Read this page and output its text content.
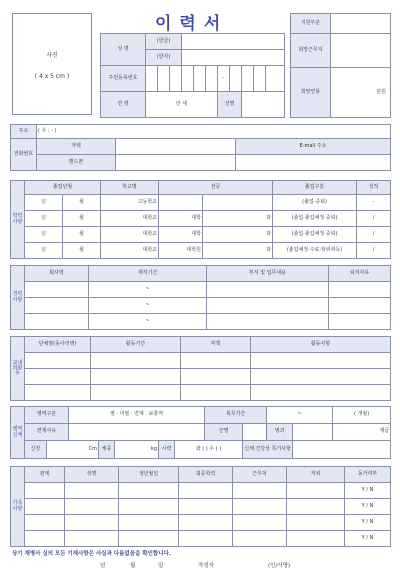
이력서
사진
( 4 x 5 cm )
성 명	(한글)										
	(한자)										
주민등록번호							-				
연 령	만 세						성별				
지원부분	
희망근무지	
희망연봉	만원
주소	( 우 : - )		
전화번호	자택		E-mail 주소
	핸드폰		
학력사항	졸업년월		학교명	전공		졸업구분	성적
	년	월	고등학교			(졸업·중퇴)	-
	년	월	대학교	대학	과	(졸업·졸업예정·중퇴)	/
	년	월	대학교	대학	과	(졸업·졸업예정·중퇴)	/
	년	월	대학교	대학원	과	(졸업예정·수료·학위취득)	/
경력사항	회사명	재직기간	부서 및 업무내용	퇴직사유
		~		
		~		
		~		
교내외활동	단체명(동아리명)	활동기간	직책	활동사항

병역신체	병역구분		필 · 미필 · 면제 · 보충역					복무기간		~		( 개월)
	면제사유							군별		병과		계급
	신장	Cm		체중	kg	시력	좌 ( ) 우 ( )		신체 건강상 특기사항			
가족사항	관계	성명	생년월일	최종학력	근무처	직위	동거여부
							Y / N
							Y / N
							Y / N
							Y / N
상기 재병사 실의 모든 기재사항은 사실과 다름없음을 확인합니다.
년	월	일	작성자	(인/서명)
